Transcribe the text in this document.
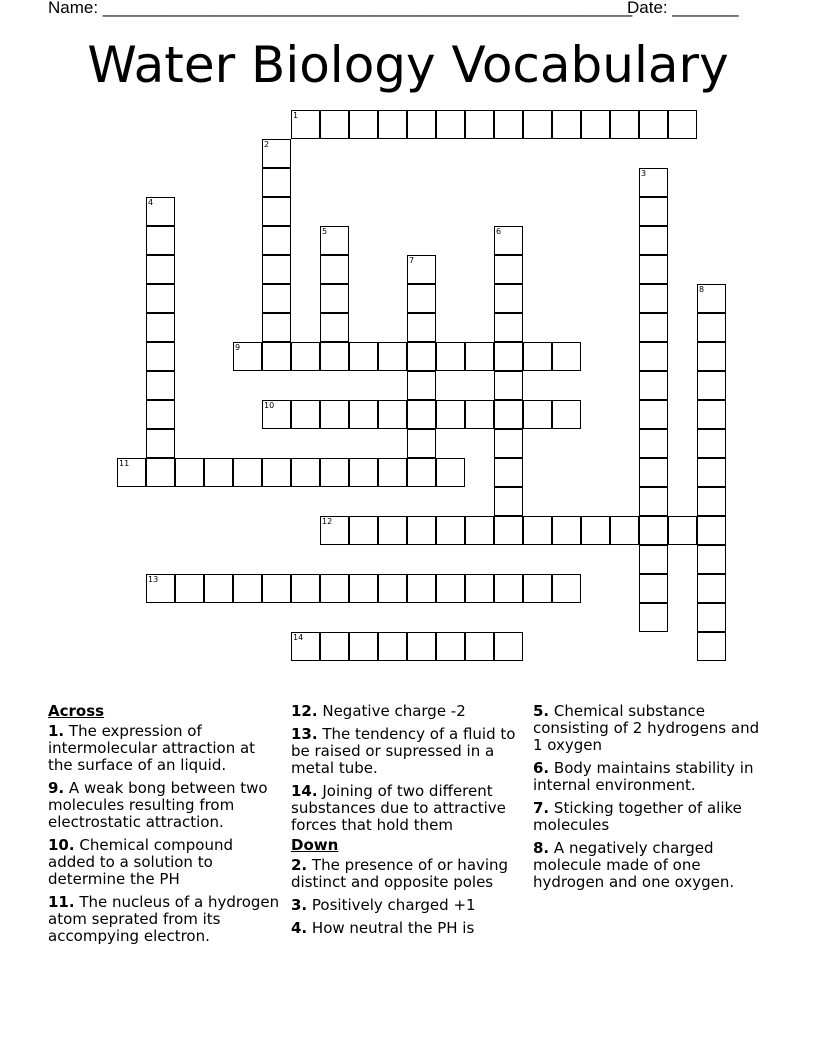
Name: ________________________________________________________
Date: _______
Water Biology Vocabulary
1
2
3
4
5	6
7
8
9
10
11
12
13
14
Across
1. The expression of intermolecular attraction at the surface of an liquid.
9. A weak bong between two molecules resulting from electrostatic attraction.
10. Chemical compound added to a solution to determine the PH
11. The nucleus of a hydrogen atom seprated from its accompying electron.
12. Negative charge -2
13. The tendency of a fluid to be raised or supressed in a metal tube.
14. Joining of two different substances due to attractive forces that hold them
Down
2. The presence of or having distinct and opposite poles
3. Positively charged +1
4. How neutral the PH is
5. Chemical substance consisting of 2 hydrogens and 1 oxygen
6. Body maintains stability in internal environment.
7. Sticking together of alike molecules
8. A negatively charged molecule made of one hydrogen and one oxygen.
